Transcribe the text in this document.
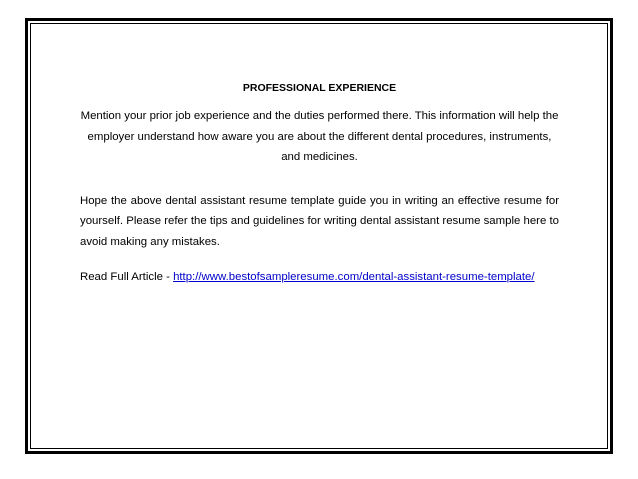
PROFESSIONAL EXPERIENCE

Mention your prior job experience and the duties performed there. This information will help the employer understand how aware you are about the different dental procedures, instruments, and medicines.

Hope the above dental assistant resume template guide you in writing an effective resume for yourself. Please refer the tips and guidelines for writing dental assistant resume sample here to avoid making any mistakes.

Read Full Article - http://www.bestofsampleresume.com/dental-assistant-resume-template/
